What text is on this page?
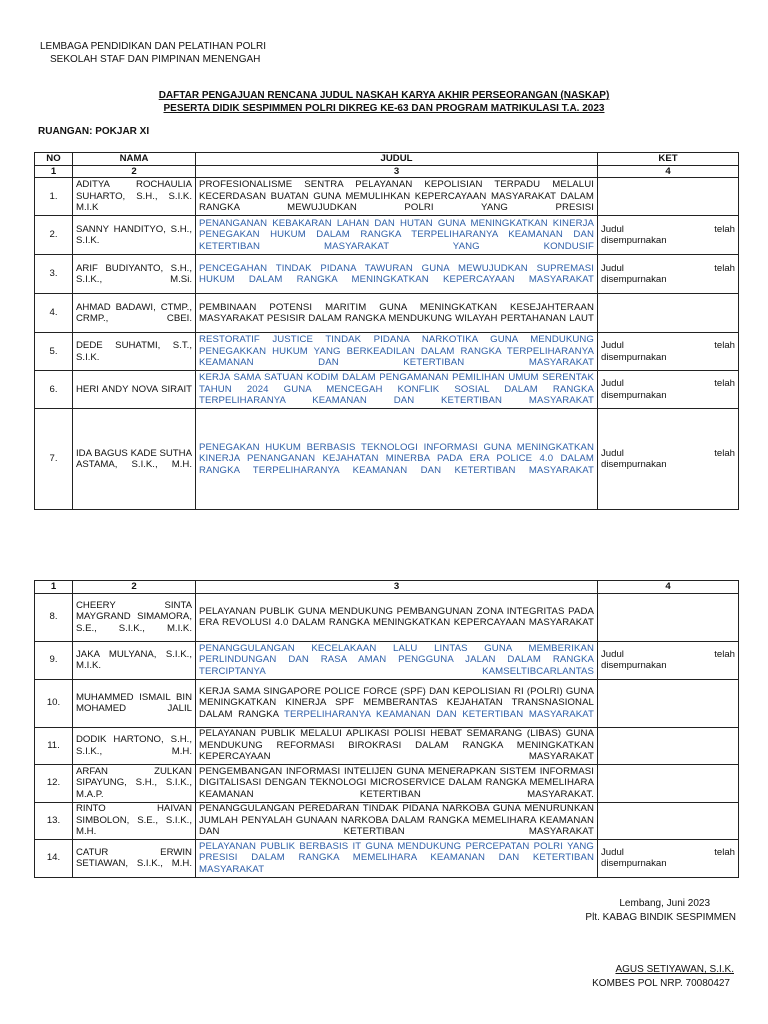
LEMBAGA PENDIDIKAN DAN PELATIHAN POLRI
SEKOLAH STAF DAN PIMPINAN MENENGAH
DAFTAR PENGAJUAN RENCANA JUDUL NASKAH KARYA AKHIR PERSEORANGAN (NASKAP)
PESERTA DIDIK SESPIMMEN POLRI DIKREG KE-63 DAN PROGRAM MATRIKULASI T.A. 2023
RUANGAN: POKJAR XI
NO	NAMA	JUDUL	KET
1	2	3	4
1.	ADITYA ROCHAULIA SUHARTO, S.H., S.I.K. M.I.K	PROFESIONALISME SENTRA PELAYANAN KEPOLISIAN TERPADU MELALUI KECERDASAN BUATAN GUNA MEMULIHKAN KEPERCAYAAN MASYARAKAT DALAM RANGKA MEWUJUDKAN POLRI YANG PRESISI	
2.	SANNY HANDITYO, S.H., S.I.K.	PENANGANAN KEBAKARAN LAHAN DAN HUTAN GUNA MENINGKATKAN KINERJA PENEGAKAN HUKUM DALAM RANGKA TERPELIHARANYA KEAMANAN DAN KETERTIBAN MASYARAKAT YANG KONDUSIF	Judul telah
disempurnakan

3.	ARIF BUDIYANTO, S.H., S.I.K., M.Si.	PENCEGAHAN TINDAK PIDANA TAWURAN GUNA MEWUJUDKAN SUPREMASI HUKUM DALAM RANGKA MENINGKATKAN KEPERCAYAAN MASYARAKAT	Judul telah
disempurnakan

4.	AHMAD BADAWI, CTMP., CRMP., CBEI.	PEMBINAAN POTENSI MARITIM GUNA MENINGKATKAN KESEJAHTERAAN MASYARAKAT PESISIR DALAM RANGKA MENDUKUNG WILAYAH PERTAHANAN LAUT	
5.	DEDE SUHATMI, S.T., S.I.K.	RESTORATIF JUSTICE TINDAK PIDANA NARKOTIKA GUNA MENDUKUNG PENEGAKKAN HUKUM YANG BERKEADILAN DALAM RANGKA TERPELIHARANYA KEAMANAN DAN KETERTIBAN MASYARAKAT	Judul telah
disempurnakan

6.	HERI ANDY NOVA SIRAIT	KERJA SAMA SATUAN KODIM DALAM PENGAMANAN PEMILIHAN UMUM SERENTAK TAHUN 2024 GUNA MENCEGAH KONFLIK SOSIAL DALAM RANGKA TERPELIHARANYA KEAMANAN DAN KETERTIBAN MASYARAKAT	Judul telah
disempurnakan

7.	IDA BAGUS KADE SUTHA ASTAMA, S.I.K., M.H.	PENEGAKAN HUKUM BERBASIS TEKNOLOGI INFORMASI GUNA MENINGKATKAN KINERJA PENANGANAN KEJAHATAN MINERBA PADA ERA POLICE 4.0 DALAM RANGKA TERPELIHARANYA KEAMANAN DAN KETERTIBAN MASYARAKAT	Judul telah
disempurnakan
1	2	3	4
8.	CHEERY SINTA MAYGRAND SIMAMORA, S.E., S.I.K., M.I.K.	PELAYANAN PUBLIK GUNA MENDUKUNG PEMBANGUNAN ZONA INTEGRITAS PADA ERA REVOLUSI 4.0 DALAM RANGKA MENINGKATKAN KEPERCAYAAN MASYARAKAT	
9.	JAKA MULYANA, S.I.K., M.I.K.	PENANGGULANGAN KECELAKAAN LALU LINTAS GUNA MEMBERIKAN PERLINDUNGAN DAN RASA AMAN PENGGUNA JALAN DALAM RANGKA TERCIPTANYA KAMSELTIBCARLANTAS	Judul telah
disempurnakan

10.	MUHAMMED ISMAIL BIN MOHAMED JALIL	KERJA SAMA SINGAPORE POLICE FORCE (SPF) DAN KEPOLISIAN RI (POLRI) GUNA MENINGKATKAN KINERJA SPF MEMBERANTAS KEJAHATAN TRANSNASIONAL DALAM RANGKA TERPELIHARANYA KEAMANAN DAN KETERTIBAN MASYARAKAT	
11.	DODIK HARTONO, S.H., S.I.K., M.H.	PELAYANAN PUBLIK MELALUI APLIKASI POLISI HEBAT SEMARANG (LIBAS) GUNA MENDUKUNG REFORMASI BIROKRASI DALAM RANGKA MENINGKATKAN KEPERCAYAAN MASYARAKAT	
12.	ARFAN ZULKAN SIPAYUNG, S.H., S.I.K., M.A.P.	PENGEMBANGAN INFORMASI INTELIJEN GUNA MENERAPKAN SISTEM INFORMASI DIGITALISASI DENGAN TEKNOLOGI MICROSERVICE DALAM RANGKA MEMELIHARA KEAMANAN KETERTIBAN MASYARAKAT.	
13.	RINTO HAIVAN SIMBOLON, S.E., S.I.K., M.H.	PENANGGULANGAN PEREDARAN TINDAK PIDANA NARKOBA GUNA MENURUNKAN JUMLAH PENYALAH GUNAAN NARKOBA DALAM RANGKA MEMELIHARA KEAMANAN DAN KETERTIBAN MASYARAKAT	
14.	CATUR ERWIN SETIAWAN, S.I.K., M.H.	PELAYANAN PUBLIK BERBASIS IT GUNA MENDUKUNG PERCEPATAN POLRI YANG PRESISI DALAM RANGKA MEMELIHARA KEAMANAN DAN KETERTIBAN MASYARAKAT	Judul telah
disempurnakan
Lembang, Juni 2023
Plt. KABAG BINDIK SESPIMMEN
AGUS SETIYAWAN, S.I.K.
KOMBES POL NRP. 70080427
